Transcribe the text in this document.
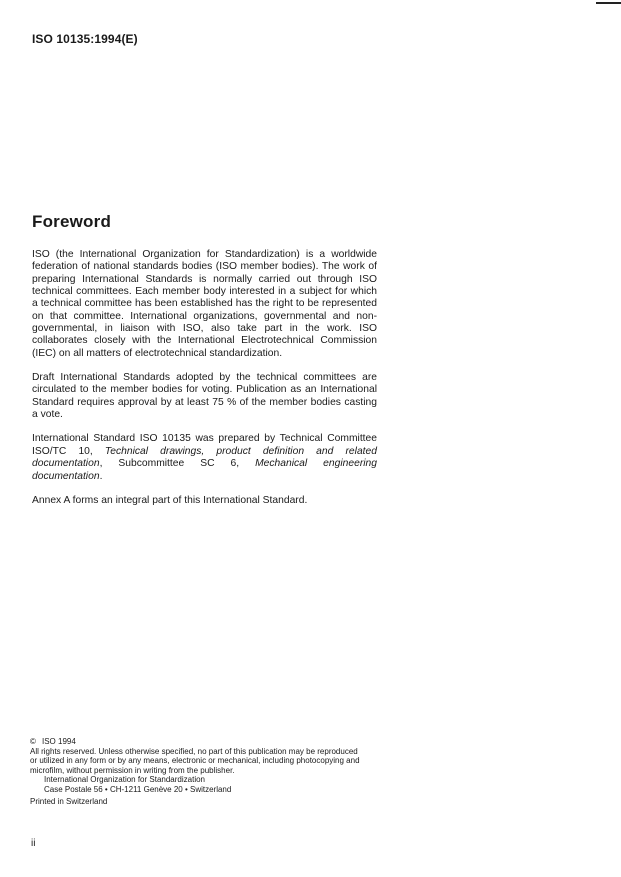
ISO 10135:1994(E)
Foreword

ISO (the International Organization for Standardization) is a worldwide federation of national standards bodies (ISO member bodies). The work of preparing International Standards is normally carried out through ISO technical committees. Each member body interested in a subject for which a technical committee has been established has the right to be represented on that committee. International organizations, governmental and non-governmental, in liaison with ISO, also take part in the work. ISO collaborates closely with the International Electrotechnical Commission (IEC) on all matters of electrotechnical standardization.

Draft International Standards adopted by the technical committees are circulated to the member bodies for voting. Publication as an International Standard requires approval by at least 75 % of the member bodies casting a vote.

International Standard ISO 10135 was prepared by Technical Committee ISO/TC 10, Technical drawings, product definition and related documentation, Subcommittee SC 6, Mechanical engineering documentation.

Annex A forms an integral part of this International Standard.

© ISO 1994
All rights reserved. Unless otherwise specified, no part of this publication may be reproduced
or utilized in any form or by any means, electronic or mechanical, including photocopying and
microfilm, without permission in writing from the publisher.
International Organization for Standardization
Case Postale 56 • CH-1211 Genève 20 • Switzerland
Printed in Switzerland
ii
